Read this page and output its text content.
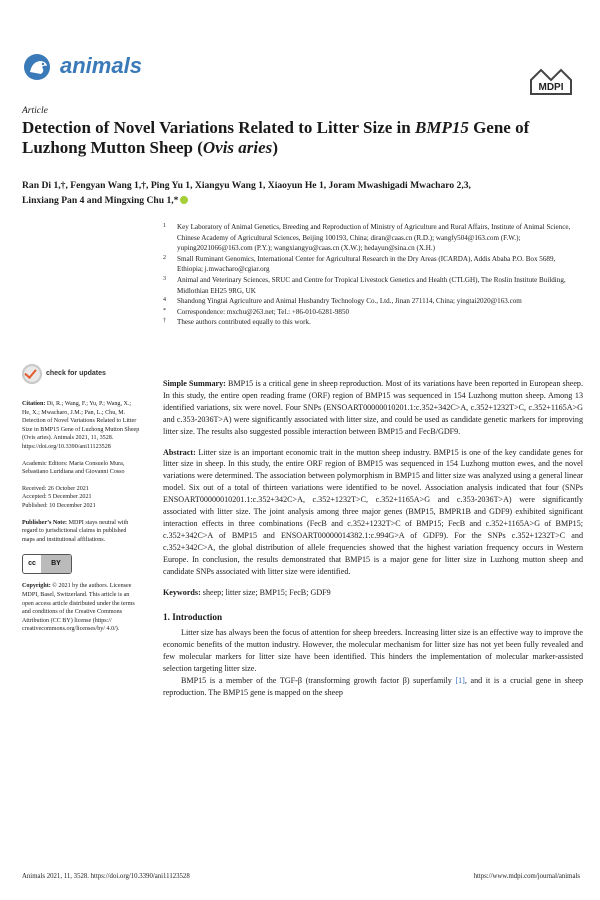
animals
MDPI
Article
Detection of Novel Variations Related to Litter Size in BMP15 Gene of Luzhong Mutton Sheep (Ovis aries)
Ran Di 1,†, Fengyan Wang 1,†, Ping Yu 1, Xiangyu Wang 1, Xiaoyun He 1, Joram Mwashigadi Mwacharo 2,3,
Linxiang Pan 4 and Mingxing Chu 1,*
1 Key Laboratory of Animal Genetics, Breeding and Reproduction of Ministry of Agriculture and Rural Affairs, Institute of Animal Science, Chinese Academy of Agricultural Sciences, Beijing 100193, China; diran@caas.cn (R.D.); wangfy504@163.com (F.W.); yuping2021066@163.com (P.Y.); wangxiangyu@caas.cn (X.W.); hedayun@sina.cn (X.H.)
2 Small Ruminant Genomics, International Center for Agricultural Research in the Dry Areas (ICARDA), Addis Ababa P.O. Box 5689, Ethiopia; j.mwacharo@cgiar.org
3 Animal and Veterinary Sciences, SRUC and Centre for Tropical Livestock Genetics and Health (CTLGH), The Roslin Institute Building, Midlothian EH25 9RG, UK
4 Shandong Yingtai Agriculture and Animal Husbandry Technology Co., Ltd., Jinan 271114, China; yingtai2020@163.com
* Correspondence: mxchu@263.net; Tel.: +86-010-6281-9850
† These authors contributed equally to this work.
check for updates
Citation: Di, R.; Wang, F.; Yu, P.; Wang, X.; He, X.; Mwacharo, J.M.; Pan, L.; Chu, M. Detection of Novel Variations Related to Litter Size in BMP15 Gene of Luzhong Mutton Sheep (Ovis aries). Animals 2021, 11, 3528. https://doi.org/10.3390/ani11123528
Academic Editors: Maria Consuelo Mura, Sebastiano Luridiana and Giovanni Cosso
Received: 26 October 2021
Accepted: 5 December 2021
Published: 10 December 2021
Publisher’s Note: MDPI stays neutral with regard to jurisdictional claims in published maps and institutional affiliations.
cc	BY
Copyright: © 2021 by the authors. Licensee MDPI, Basel, Switzerland. This article is an open access article distributed under the terms and conditions of the Creative Commons Attribution (CC BY) license (https:// creativecommons.org/licenses/by/ 4.0/).
Simple Summary: BMP15 is a critical gene in sheep reproduction. Most of its variations have been reported in European sheep. In this study, the entire open reading frame (ORF) region of BMP15 was sequenced in 154 Luzhong mutton sheep. Among 13 identified variations, six were novel. Four SNPs (ENSOART00000010201.1:c.352+342C>A, c.352+1232T>C, c.352+1165A>G and c.353-2036T>A) were significantly associated with litter size, and could be used as candidate genetic markers for improving litter size. The results also suggested possible interaction between BMP15 and FecB/GDF9.
Abstract: Litter size is an important economic trait in the mutton sheep industry. BMP15 is one of the key candidate genes for litter size in sheep. In this study, the entire ORF region of BMP15 was sequenced in 154 Luzhong mutton ewes, and the novel variations were determined. The association between polymorphism in BMP15 and litter size was analyzed using a general linear model. Six out of a total of thirteen variations were identified to be novel. Association analysis indicated that four (SNPs ENSOART00000010201.1:c.352+342C>A, c.352+1232T>C, c.352+1165A>G and c.353-2036T>A) were significantly associated with litter size. The joint analysis among three major genes (BMP15, BMPR1B and GDF9) exhibited significant interaction effects in three combinations (FecB and c.352+1232T>C of BMP15; FecB and c.352+1165A>G of BMP15; c.352+342C>A of BMP15 and ENSOART00000014382.1:c.994G>A of GDF9). For the SNPs c.352+1232T>C and c.352+342C>A, the global distribution of allele frequencies showed that the highest variation frequency occurs in Western Europe. In conclusion, the results demonstrated that BMP15 is a major gene for litter size in Luzhong mutton sheep and candidate SNPs associated with litter size were identified.
Keywords: sheep; litter size; BMP15; FecB; GDF9
1. Introduction
Litter size has always been the focus of attention for sheep breeders. Increasing litter size is an effective way to improve the economic benefits of the mutton industry. However, the molecular mechanism for litter size has not yet been fully revealed and few molecular markers for litter size have been identified. This hinders the implementation of molecular marker-assisted selection targeting litter size.
BMP15 is a member of the TGF-β (transforming growth factor β) superfamily [1], and it is a crucial gene in sheep reproduction. The BMP15 gene is mapped on the sheep
Animals 2021, 11, 3528. https://doi.org/10.3390/ani11123528	https://www.mdpi.com/journal/animals
